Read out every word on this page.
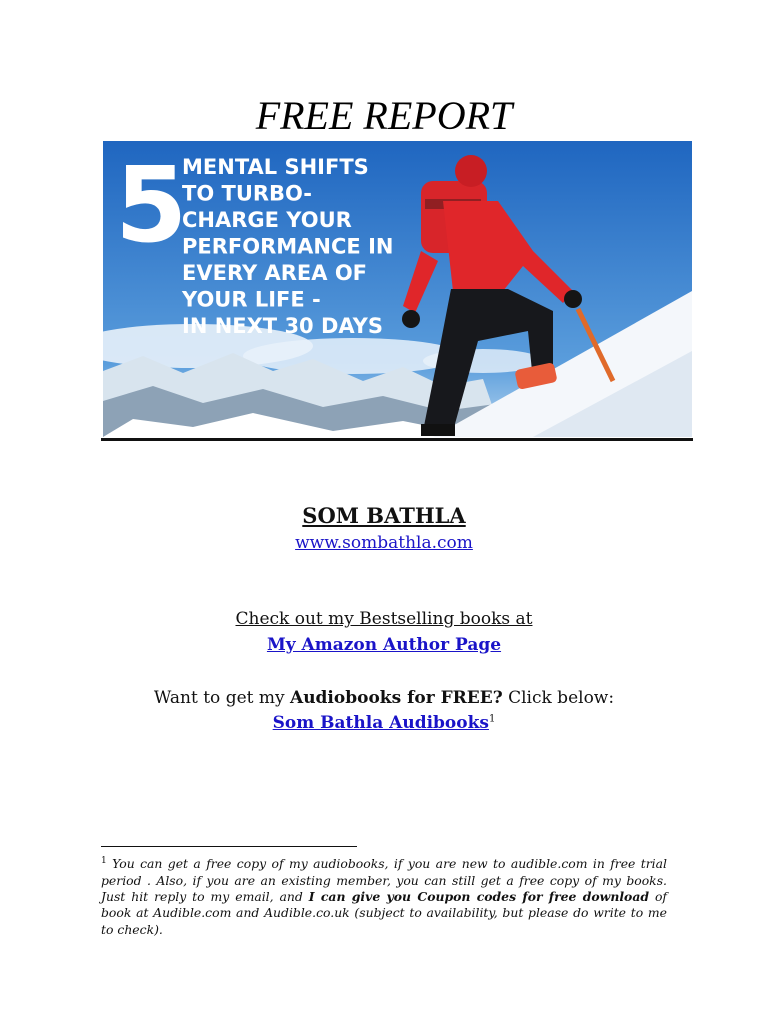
FREE REPORT
5
MENTAL SHIFTS
TO TURBO-
CHARGE YOUR
PERFORMANCE IN
EVERY AREA OF
YOUR LIFE -
IN NEXT 30 DAYS
SOM BATHLA
www.sombathla.com
Check out my Bestselling books at
My Amazon Author Page
Want to get my Audiobooks for FREE? Click below:
Som Bathla Audibooks$^1$
$^1$ You can get a free copy of my audiobooks, if you are new to audible.com in free trial period . Also, if you are an existing member, you can still get a free copy of my books. Just hit reply to my email, and I can give you Coupon codes for free download of book at Audible.com and Audible.co.uk (subject to availability, but please do write to me to check).
